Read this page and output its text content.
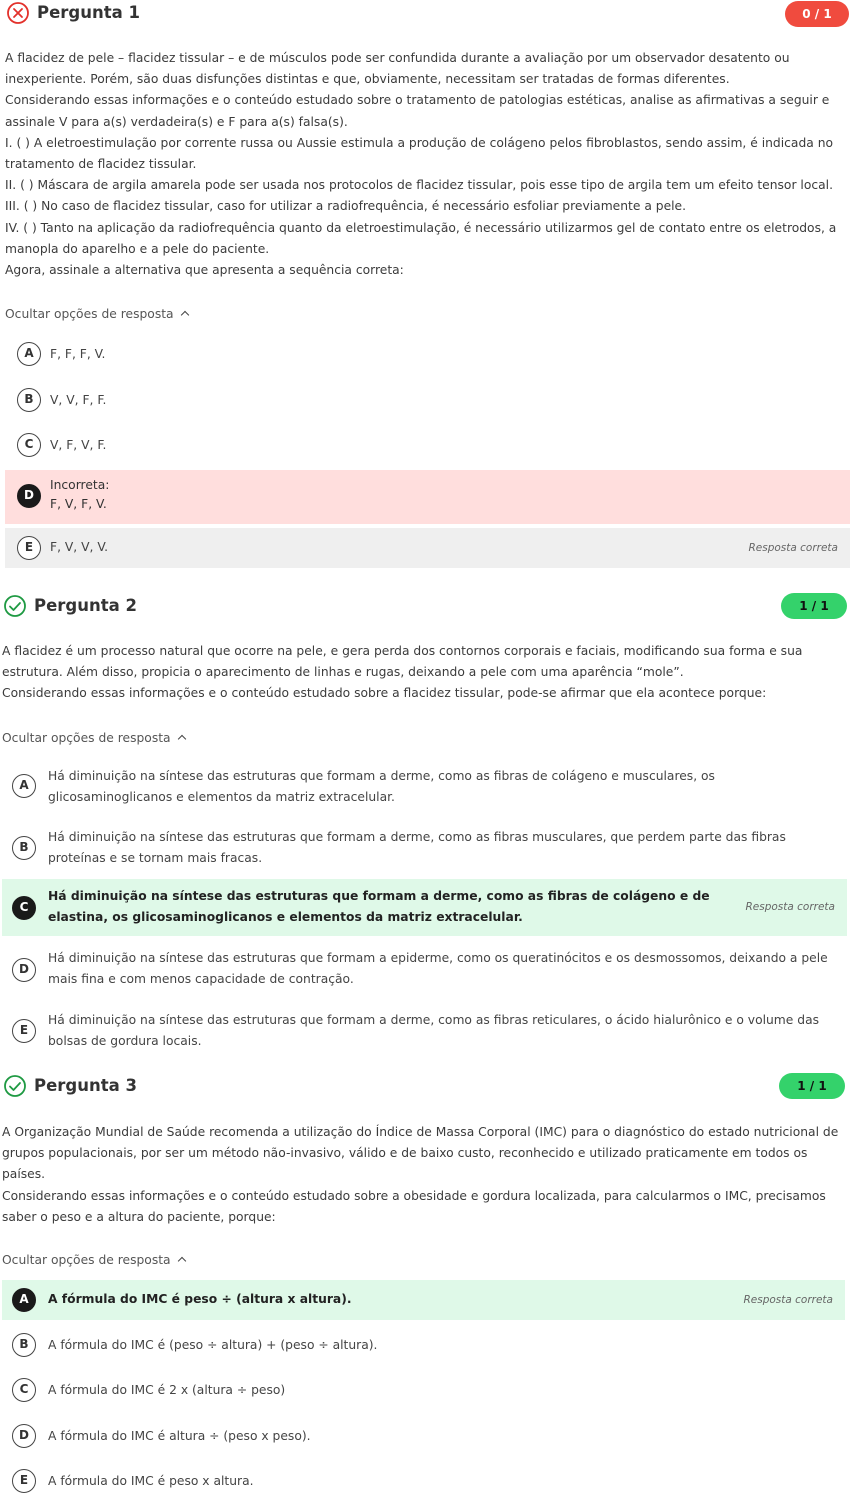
Pergunta 1	0 / 1

A flacidez de pele – flacidez tissular – e de músculos pode ser confundida durante a avaliação por um observador desatento ou inexperiente. Porém, são duas disfunções distintas e que, obviamente, necessitam ser tratadas de formas diferentes.

Considerando essas informações e o conteúdo estudado sobre o tratamento de patologias estéticas, analise as afirmativas a seguir e assinale V para a(s) verdadeira(s) e F para a(s) falsa(s).

I. ( ) A eletroestimulação por corrente russa ou Aussie estimula a produção de colágeno pelos fibroblastos, sendo assim, é indicada no tratamento de flacidez tissular.

II. ( ) Máscara de argila amarela pode ser usada nos protocolos de flacidez tissular, pois esse tipo de argila tem um efeito tensor local.

III. ( ) No caso de flacidez tissular, caso for utilizar a radiofrequência, é necessário esfoliar previamente a pele.

IV. ( ) Tanto na aplicação da radiofrequência quanto da eletroestimulação, é necessário utilizarmos gel de contato entre os eletrodos, a manopla do aparelho e a pele do paciente.

Agora, assinale a alternativa que apresenta a sequência correta:

Ocultar opções de resposta
A	F, F, F, V.
B	V, V, F, F.
C	V, F, V, F.
D
Incorreta:
F, V, F, V.
E	F, V, V, V.	Resposta correta
Pergunta 2	1 / 1

A flacidez é um processo natural que ocorre na pele, e gera perda dos contornos corporais e faciais, modificando sua forma e sua estrutura. Além disso, propicia o aparecimento de linhas e rugas, deixando a pele com uma aparência “mole”.

Considerando essas informações e o conteúdo estudado sobre a flacidez tissular, pode-se afirmar que ela acontece porque:

Ocultar opções de resposta
A
Há diminuição na síntese das estruturas que formam a derme, como as fibras de colágeno e musculares, os glicosaminoglicanos e elementos da matriz extracelular.
B
Há diminuição na síntese das estruturas que formam a derme, como as fibras musculares, que perdem parte das fibras proteínas e se tornam mais fracas.
C
Há diminuição na síntese das estruturas que formam a derme, como as fibras de colágeno e de elastina, os glicosaminoglicanos e elementos da matriz extracelular.
Resposta correta
D
Há diminuição na síntese das estruturas que formam a epiderme, como os queratinócitos e os desmossomos, deixando a pele mais fina e com menos capacidade de contração.
E
Há diminuição na síntese das estruturas que formam a derme, como as fibras reticulares, o ácido hialurônico e o volume das bolsas de gordura locais.
Pergunta 3	1 / 1

A Organização Mundial de Saúde recomenda a utilização do Índice de Massa Corporal (IMC) para o diagnóstico do estado nutricional de grupos populacionais, por ser um método não-invasivo, válido e de baixo custo, reconhecido e utilizado praticamente em todos os países.

Considerando essas informações e o conteúdo estudado sobre a obesidade e gordura localizada, para calcularmos o IMC, precisamos saber o peso e a altura do paciente, porque:

Ocultar opções de resposta
A	A fórmula do IMC é peso ÷ (altura x altura).	Resposta correta
B	A fórmula do IMC é (peso ÷ altura) + (peso ÷ altura).
C	A fórmula do IMC é 2 x (altura ÷ peso)
D	A fórmula do IMC é altura ÷ (peso x peso).
E	A fórmula do IMC é peso x altura.
